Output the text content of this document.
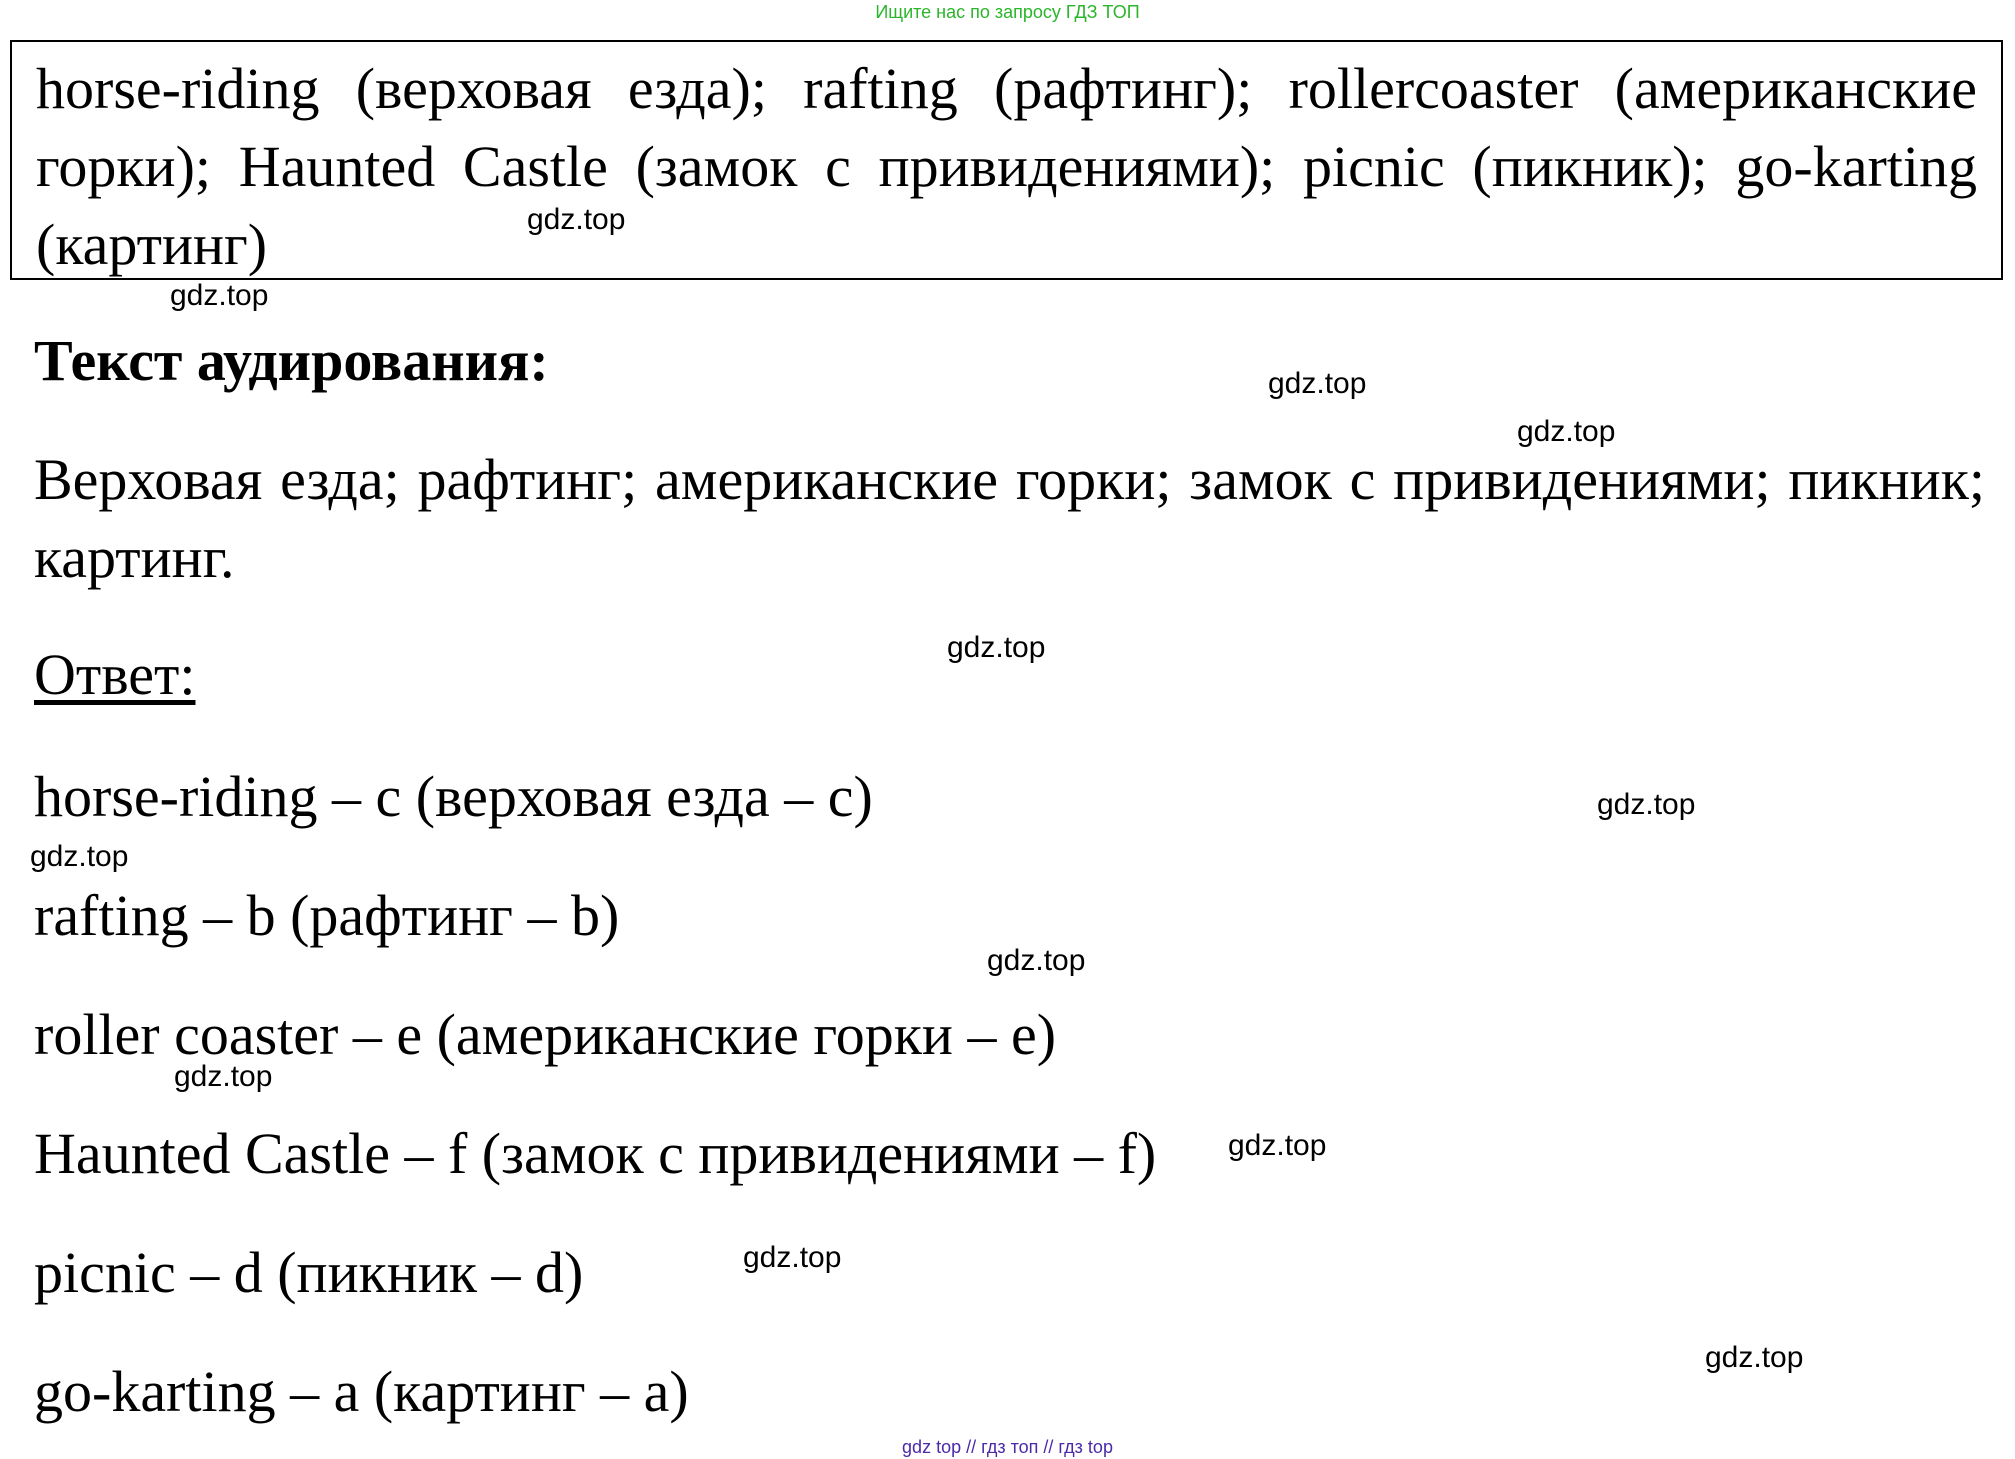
Ищите нас по запросу ГДЗ ТОП
horse-riding (верховая езда); rafting (рафтинг); rollercoaster (американские горки); Haunted Castle (замок с привидениями); picnic (пикник); go-karting (картинг)
Текст аудирования:
Верховая езда; рафтинг; американские горки; замок с привидениями; пикник; картинг.
Ответ:
horse-riding – c (верховая езда – c)
rafting – b (рафтинг – b)
roller coaster – e (американские горки – e)
Haunted Castle – f (замок с привидениями – f)
picnic – d (пикник – d)
go-karting – a (картинг – a)
gdz.top
gdz.top
gdz.top
gdz.top
gdz.top
gdz.top
gdz.top
gdz.top
gdz.top
gdz.top
gdz.top
gdz.top
gdz top // гдз топ // гдз top
